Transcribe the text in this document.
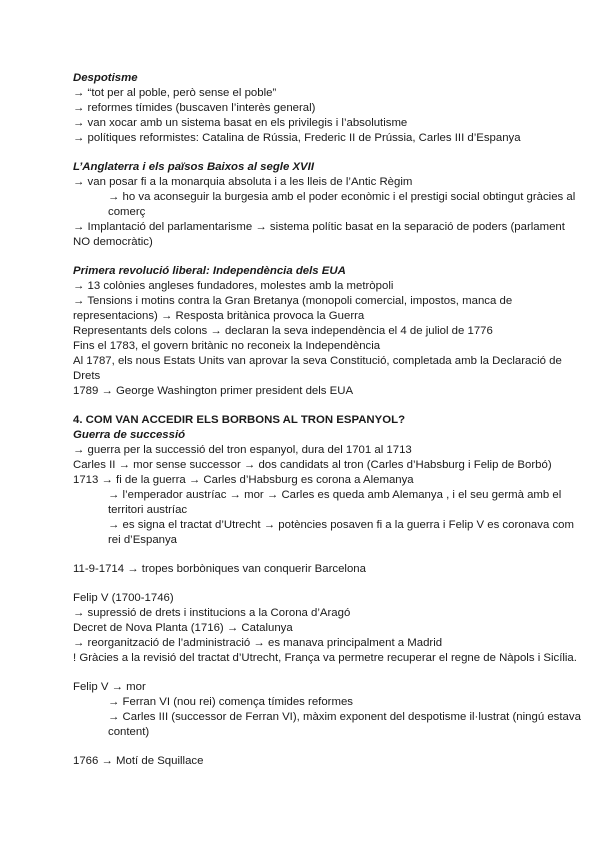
Despotisme
→ “tot per al poble, però sense el poble”
→ reformes tímides (buscaven l’interès general)
→ van xocar amb un sistema basat en els privilegis i l’absolutisme
→ polítiques reformistes: Catalina de Rússia, Frederic II de Prússia, Carles III d’Espanya
L’Anglaterra i els països Baixos al segle XVII
→ van posar fi a la monarquia absoluta i a les lleis de l’Antic Règim
→ ho va aconseguir la burgesia amb el poder econòmic i el prestigi social obtingut gràcies al comerç
→ Implantació del parlamentarisme → sistema polític basat en la separació de poders (parlament NO democràtic)
Primera revolució liberal: Independència dels EUA
→ 13 colònies angleses fundadores, molestes amb la metròpoli
→ Tensions i motins contra la Gran Bretanya (monopoli comercial, impostos, manca de representacions) → Resposta britànica provoca la Guerra
Representants dels colons → declaran la seva independència el 4 de juliol de 1776
Fins el 1783, el govern britànic no reconeix la Independència
Al 1787, els nous Estats Units van aprovar la seva Constitució, completada amb la Declaració de Drets
1789 → George Washington primer president dels EUA
4. COM VAN ACCEDIR ELS BORBONS AL TRON ESPANYOL?
Guerra de successió
→ guerra per la successió del tron espanyol, dura del 1701 al 1713
Carles II → mor sense successor → dos candidats al tron (Carles d’Habsburg i Felip de Borbó)
1713 → fi de la guerra → Carles d’Habsburg es corona a Alemanya
→ l’emperador austríac → mor → Carles es queda amb Alemanya , i el seu germà amb el territori austríac
→ es signa el tractat d’Utrecht → potències posaven fi a la guerra i Felip V es coronava com rei d’Espanya
11-9-1714 → tropes borbòniques van conquerir Barcelona
Felip V (1700-1746)
→ supressió de drets i institucions a la Corona d’Aragó
Decret de Nova Planta (1716) → Catalunya
→ reorganització de l’administració → es manava principalment a Madrid
! Gràcies a la revisió del tractat d’Utrecht, França va permetre recuperar el regne de Nàpols i Sicília.
Felip V → mor
→ Ferran VI (nou rei) comença tímides reformes
→ Carles III (successor de Ferran VI), màxim exponent del despotisme il·lustrat (ningú estava content)
1766 → Motí de Squillace
